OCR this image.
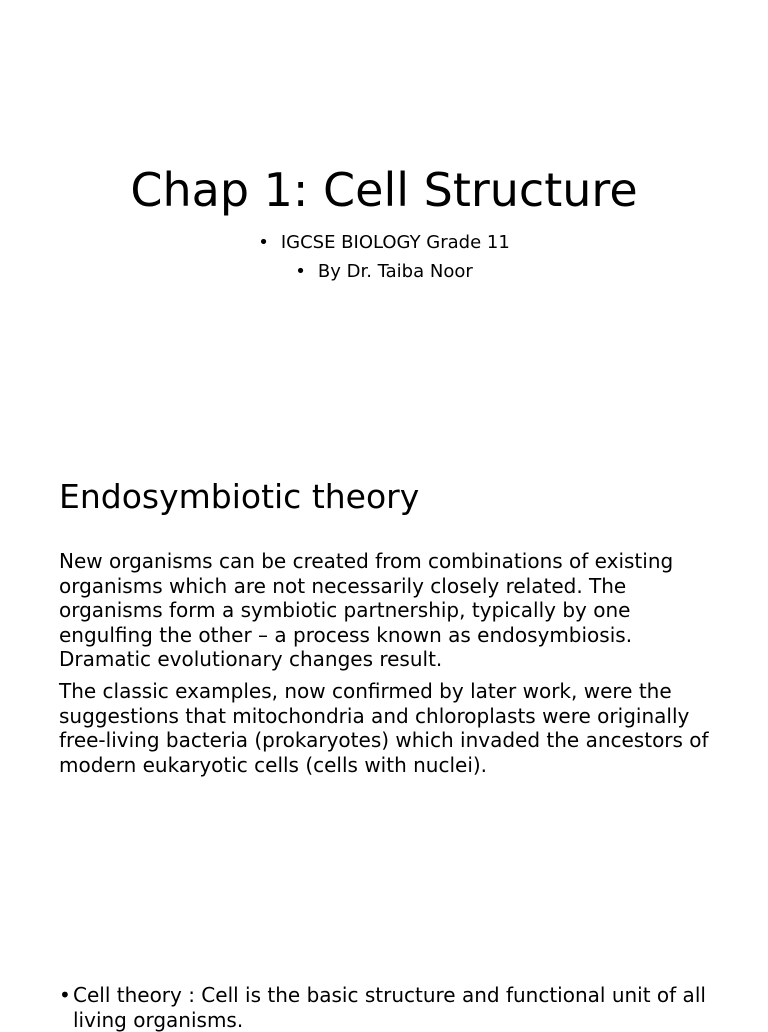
Chap 1: Cell Structure
• IGCSE BIOLOGY Grade 11
• By Dr. Taiba Noor
Endosymbiotic theory

New organisms can be created from combinations of existing organisms which are not necessarily closely related. The organisms form a symbiotic partnership, typically by one engulfing the other – a process known as endosymbiosis. Dramatic evolutionary changes result.

The classic examples, now confirmed by later work, were the suggestions that mitochondria and chloroplasts were originally free-living bacteria (prokaryotes) which invaded the ancestors of modern eukaryotic cells (cells with nuclei).

• Cell theory : Cell is the basic structure and functional unit of all living organisms.
